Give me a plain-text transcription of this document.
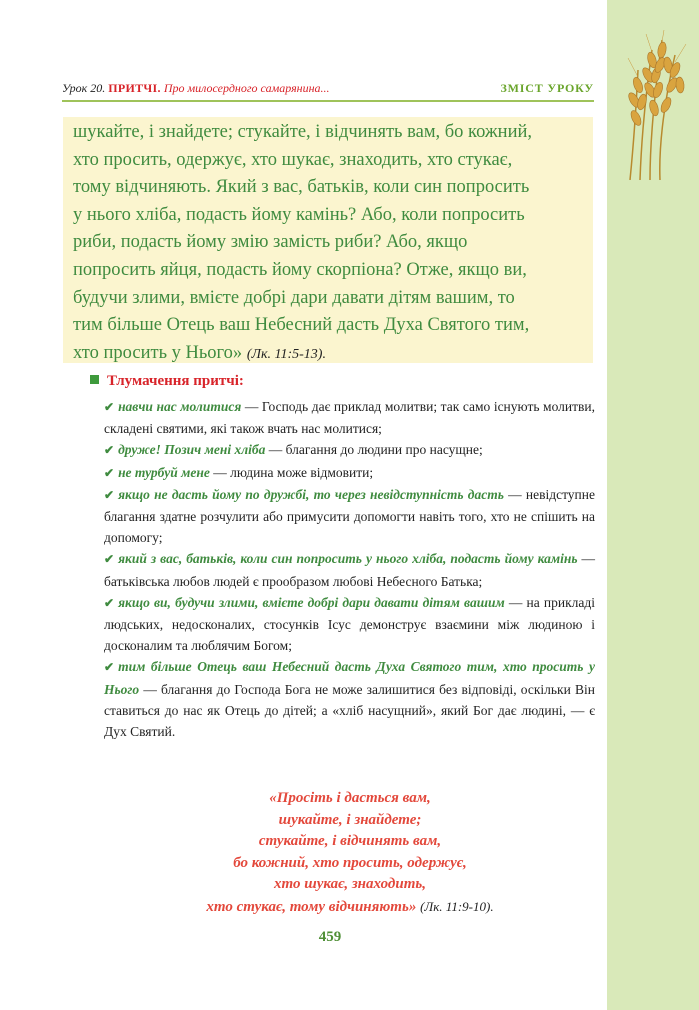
Урок 20. ПРИТЧІ. Про милосердного самарянина...	ЗМІСТ УРОКУ
шукайте, і знайдете; стукайте, і відчинять вам, бо кожний,
хто просить, одержує, хто шукає, знаходить, хто стукає,
тому відчиняють. Який з вас, батьків, коли син попросить
у нього хліба, подасть йому камінь? Або, коли попросить
риби, подасть йому змію замість риби? Або, якщо
попросить яйця, подасть йому скорпіона? Отже, якщо ви,
будучи злими, вмієте добрі дари давати дітям вашим, то
тим більше Отець ваш Небесний дасть Духа Святого тим,
хто просить у Нього» (Лк. 11:5-13).
Тлумачення притчі:
✔ навчи нас молитися — Господь дає приклад молитви; так само існують молитви, складені святими, які також вчать нас молитися;
✔ друже! Позич мені хліба — благання до людини про насущне;
✔ не турбуй мене — людина може відмовити;
✔ якщо не дасть йому по дружбі, то через невідступність дасть — невідступне благання здатне розчулити або примусити допомогти навіть того, хто не спішить на допомогу;
✔ який з вас, батьків, коли син попросить у нього хліба, подасть йому камінь — батьківська любов людей є прообразом любові Небесного Батька;
✔ якщо ви, будучи злими, вмієте добрі дари давати дітям вашим — на прикладі людських, недосконалих, стосунків Ісус демонструє взаємини між людиною і досконалим та люблячим Богом;
✔ тим більше Отець ваш Небесний дасть Духа Святого тим, хто просить у Нього — благання до Господа Бога не може залишитися без відповіді, оскільки Він ставиться до нас як Отець до дітей; а «хліб насущний», який Бог дає людині, — є Дух Святий.
«Просіть і дасться вам,
шукайте, і знайдете;
стукайте, і відчинять вам,
бо кожний, хто просить, одержує,
хто шукає, знаходить,
хто стукає, тому відчиняють» (Лк. 11:9-10).
459
